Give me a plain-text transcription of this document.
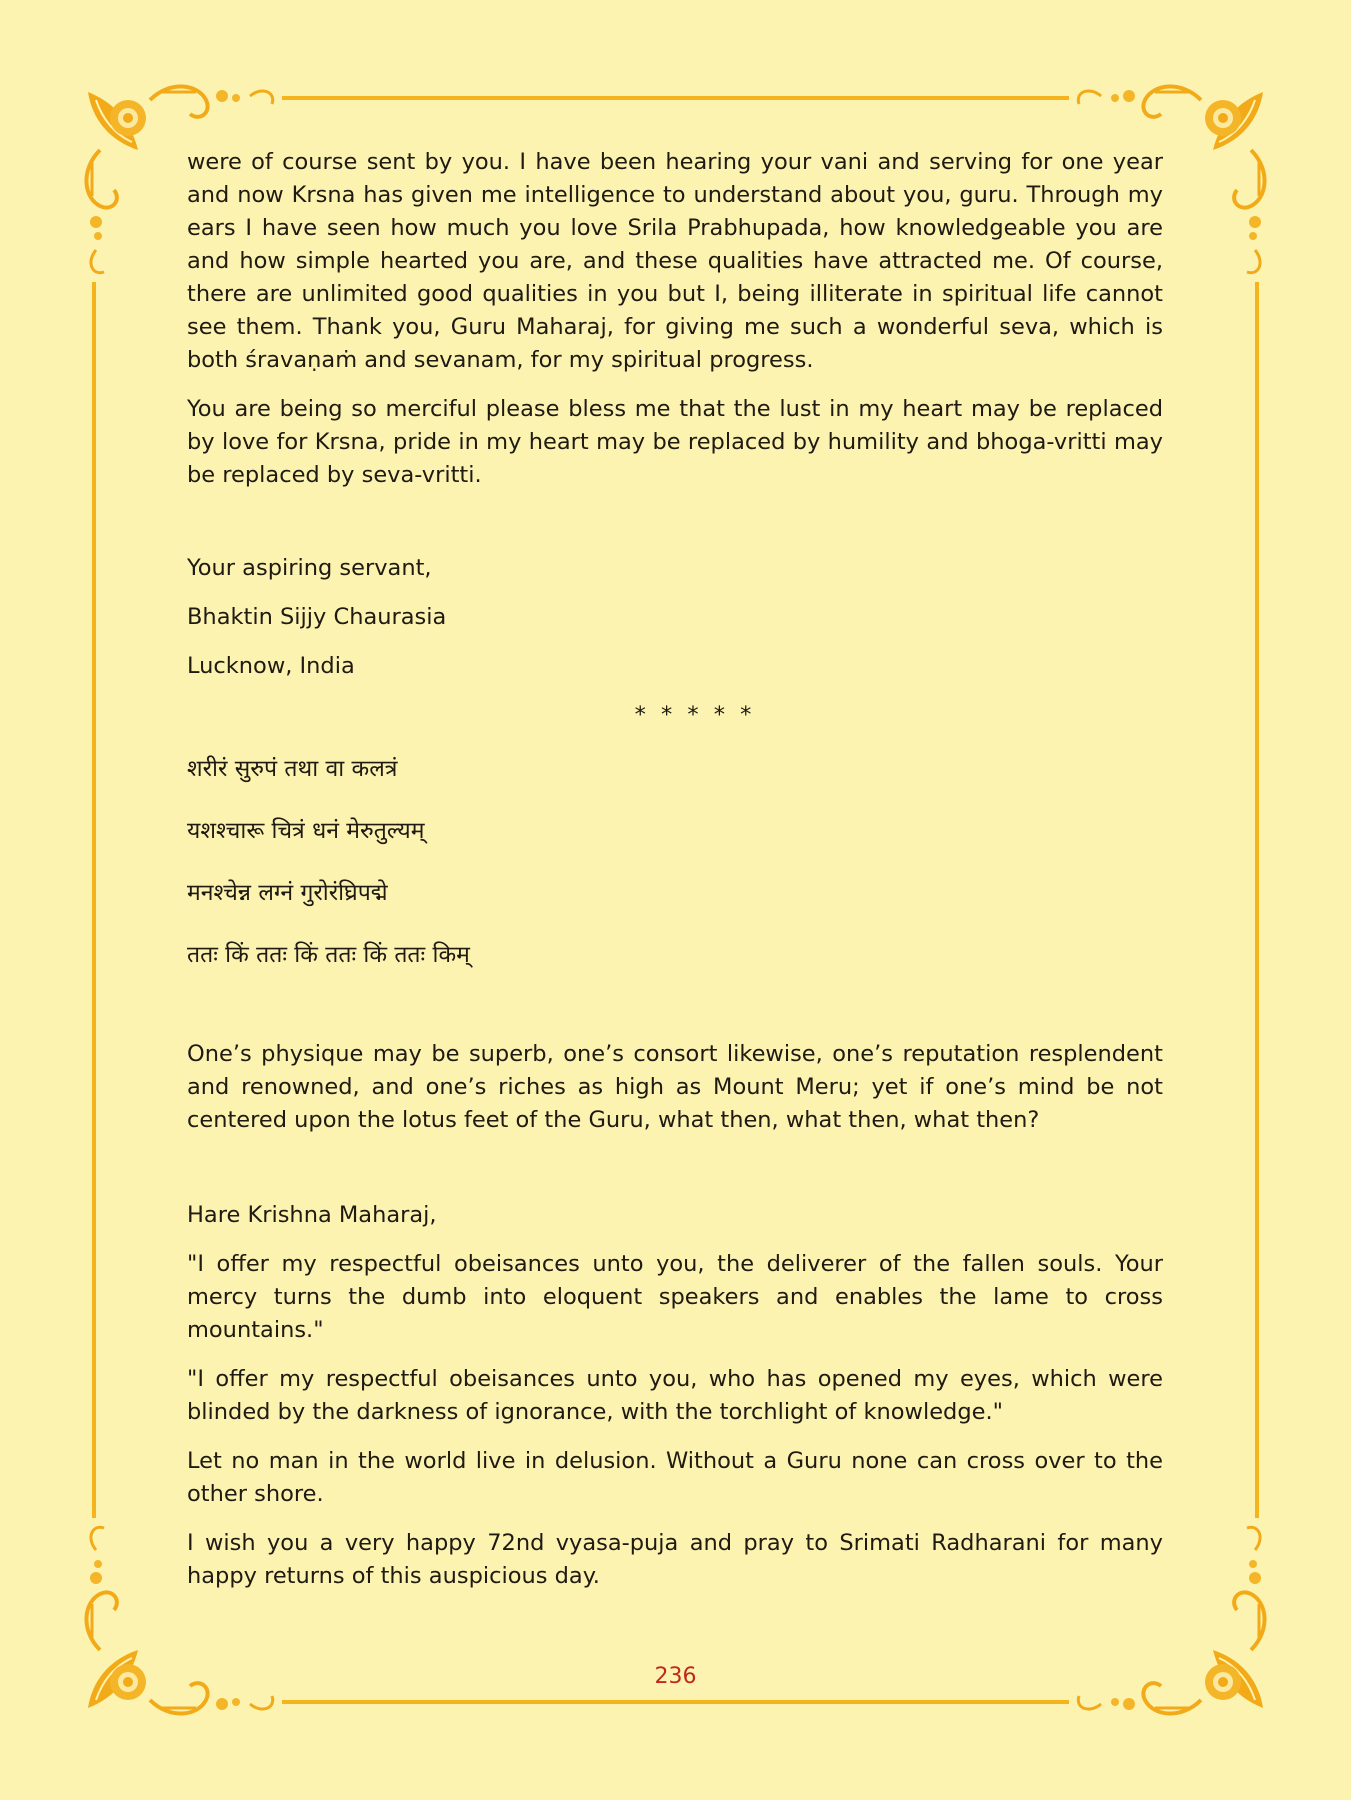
were of course sent by you. I have been hearing your vani and serving for one year and now Krsna has given me intelligence to understand about you, guru. Through my ears I have seen how much you love Srila Prabhupada, how knowledgeable you are and how simple hearted you are, and these qualities have attracted me. Of course, there are unlimited good qualities in you but I, being illiterate in spiritual life cannot see them. Thank you, Guru Maharaj, for giving me such a wonderful seva, which is both śravaṇaṁ and sevanam, for my spiritual progress.

You are being so merciful please bless me that the lust in my heart may be replaced by love for Krsna, pride in my heart may be replaced by humility and bhoga-vritti may be replaced by seva-vritti.

Your aspiring servant,

Bhaktin Sijjy Chaurasia

Lucknow, India

* * * * *

शरीरं सुरुपं तथा वा कलत्रं

यशश्चारू चित्रं धनं मेरुतुल्यम्

मनश्चेन्न लग्नं गुरोरंघ्रिपद्मे

ततः किं ततः किं ततः किं ततः किम्

One’s physique may be superb, one’s consort likewise, one’s reputation resplendent and renowned, and one’s riches as high as Mount Meru; yet if one’s mind be not centered upon the lotus feet of the Guru, what then, what then, what then?

Hare Krishna Maharaj,

"I offer my respectful obeisances unto you, the deliverer of the fallen souls. Your mercy turns the dumb into eloquent speakers and enables the lame to cross mountains."

"I offer my respectful obeisances unto you, who has opened my eyes, which were blinded by the darkness of ignorance, with the torchlight of knowledge."

Let no man in the world live in delusion. Without a Guru none can cross over to the other shore.

I wish you a very happy 72nd vyasa-puja and pray to Srimati Radharani for many happy returns of this auspicious day.

236
